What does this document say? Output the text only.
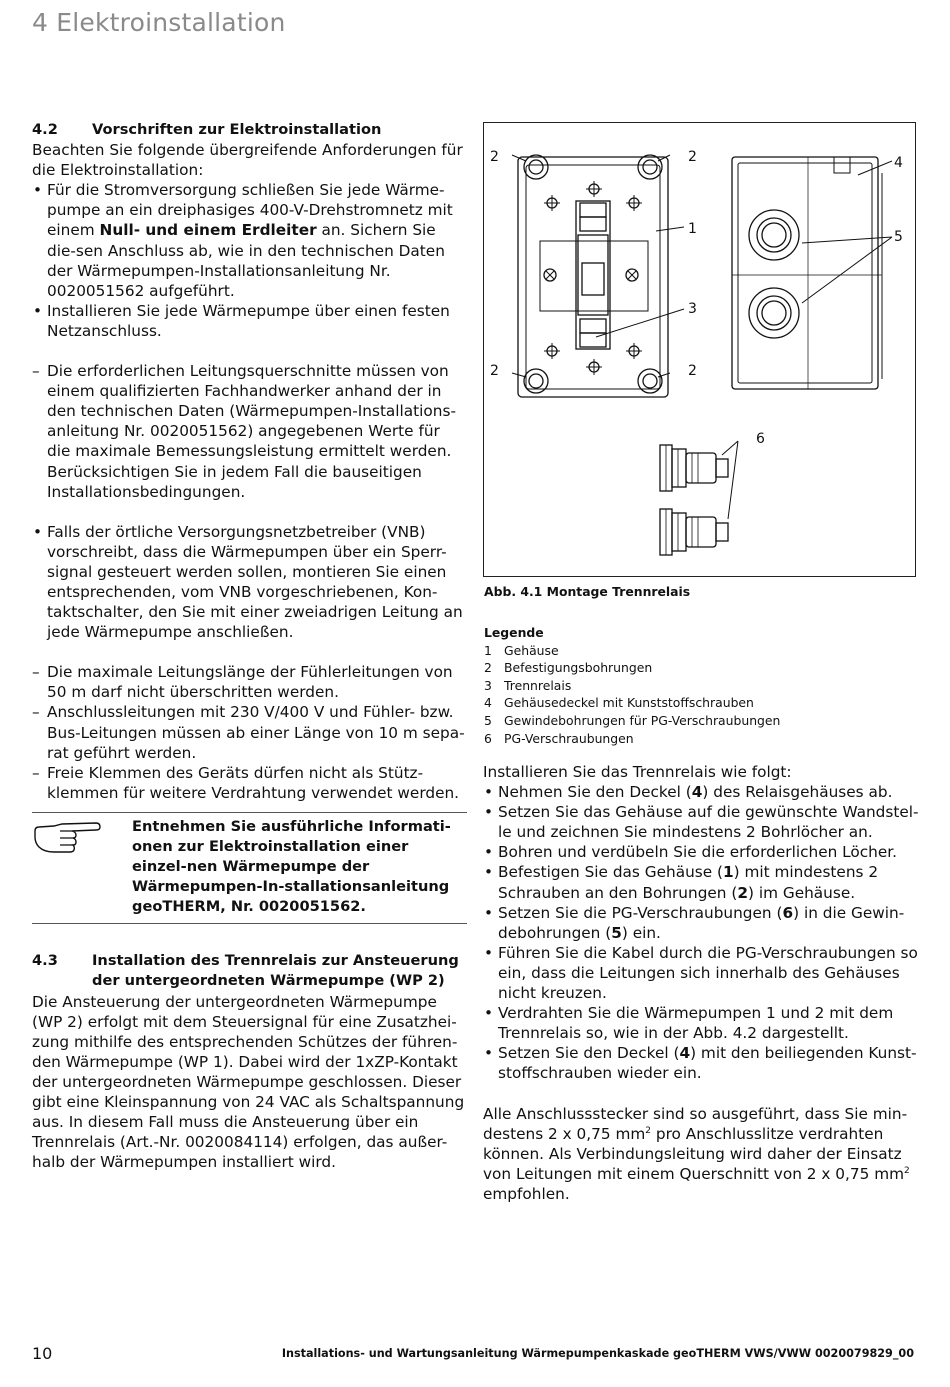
4 Elektroinstallation
4.2	Vorschriften zur Elektroinstallation

Beachten Sie folgende übergreifende Anforderungen für die Elektroinstallation:

• Für die Stromversorgung schließen Sie jede Wärme-pumpe an ein dreiphasiges 400-V-Drehstromnetz mit einem Null- und einem Erdleiter an. Sichern Sie die-sen Anschluss ab, wie in den technischen Daten der Wärmepumpen-Installationsanleitung Nr. 0020051562 aufgeführt.
• Installieren Sie jede Wärmepumpe über einen festen Netzanschluss.
– Die erforderlichen Leitungsquerschnitte müssen von einem qualifizierten Fachhandwerker anhand der in den technischen Daten (Wärmepumpen-Installations-anleitung Nr. 0020051562) angegebenen Werte für die maximale Bemessungsleistung ermittelt werden. Berücksichtigen Sie in jedem Fall die bauseitigen Installationsbedingungen.
• Falls der örtliche Versorgungsnetzbetreiber (VNB) vorschreibt, dass die Wärmepumpen über ein Sperr-signal gesteuert werden sollen, montieren Sie einen entsprechenden, vom VNB vorgeschriebenen, Kon-taktschalter, den Sie mit einer zweiadrigen Leitung an jede Wärmepumpe anschließen.
– Die maximale Leitungslänge der Fühlerleitungen von 50 m darf nicht überschritten werden.
– Anschlussleitungen mit 230 V/400 V und Fühler- bzw. Bus-Leitungen müssen ab einer Länge von 10 m sepa-rat geführt werden.
– Freie Klemmen des Geräts dürfen nicht als Stütz-klemmen für weitere Verdrahtung verwendet werden.
Entnehmen Sie ausführliche Informati-onen zur Elektroinstallation einer einzel-nen Wärmepumpe der Wärmepumpen-In-stallationsanleitung geoTHERM, Nr. 0020051562.
4.3	Installation des Trennrelais zur Ansteuerung der untergeordneten Wärmepumpe (WP 2)

Die Ansteuerung der untergeordneten Wärmepumpe (WP 2) erfolgt mit dem Steuersignal für eine Zusatzhei-zung mithilfe des entsprechenden Schützes der führen-den Wärmepumpe (WP 1). Dabei wird der 1xZP-Kontakt der untergeordneten Wärmepumpe geschlossen. Dieser gibt eine Kleinspannung von 24 VAC als Schaltspannung aus. In diesem Fall muss die Ansteuerung über ein Trennrelais (Art.-Nr. 0020084114) erfolgen, das außer-halb der Wärmepumpen installiert wird.

2	2
2	2
1
3
4
5
6
Abb. 4.1 Montage Trennrelais
Legende
1 Gehäuse
2 Befestigungsbohrungen
3 Trennrelais
4 Gehäusedeckel mit Kunststoffschrauben
5 Gewindebohrungen für PG-Verschraubungen
6 PG-Verschraubungen

Installieren Sie das Trennrelais wie folgt:

• Nehmen Sie den Deckel (4) des Relaisgehäuses ab.
• Setzen Sie das Gehäuse auf die gewünschte Wandstel-le und zeichnen Sie mindestens 2 Bohrlöcher an.
• Bohren und verdübeln Sie die erforderlichen Löcher.
• Befestigen Sie das Gehäuse (1) mit mindestens 2 Schrauben an den Bohrungen (2) im Gehäuse.
• Setzen Sie die PG-Verschraubungen (6) in die Gewin-debohrungen (5) ein.
• Führen Sie die Kabel durch die PG-Verschraubungen so ein, dass die Leitungen sich innerhalb des Gehäuses nicht kreuzen.
• Verdrahten Sie die Wärmepumpen 1 und 2 mit dem Trennrelais so, wie in der Abb. 4.2 dargestellt.
• Setzen Sie den Deckel (4) mit den beiliegenden Kunst-stoffschrauben wieder ein.

Alle Anschlussstecker sind so ausgeführt, dass Sie min-destens 2 x 0,75 $mm^2$ pro Anschlusslitze verdrahten können. Als Verbindungsleitung wird daher der Einsatz von Leitungen mit einem Querschnitt von 2 x 0,75 $mm^2$ empfohlen.

10	Installations- und Wartungsanleitung Wärmepumpenkaskade geoTHERM VWS/VWW 0020079829_00
